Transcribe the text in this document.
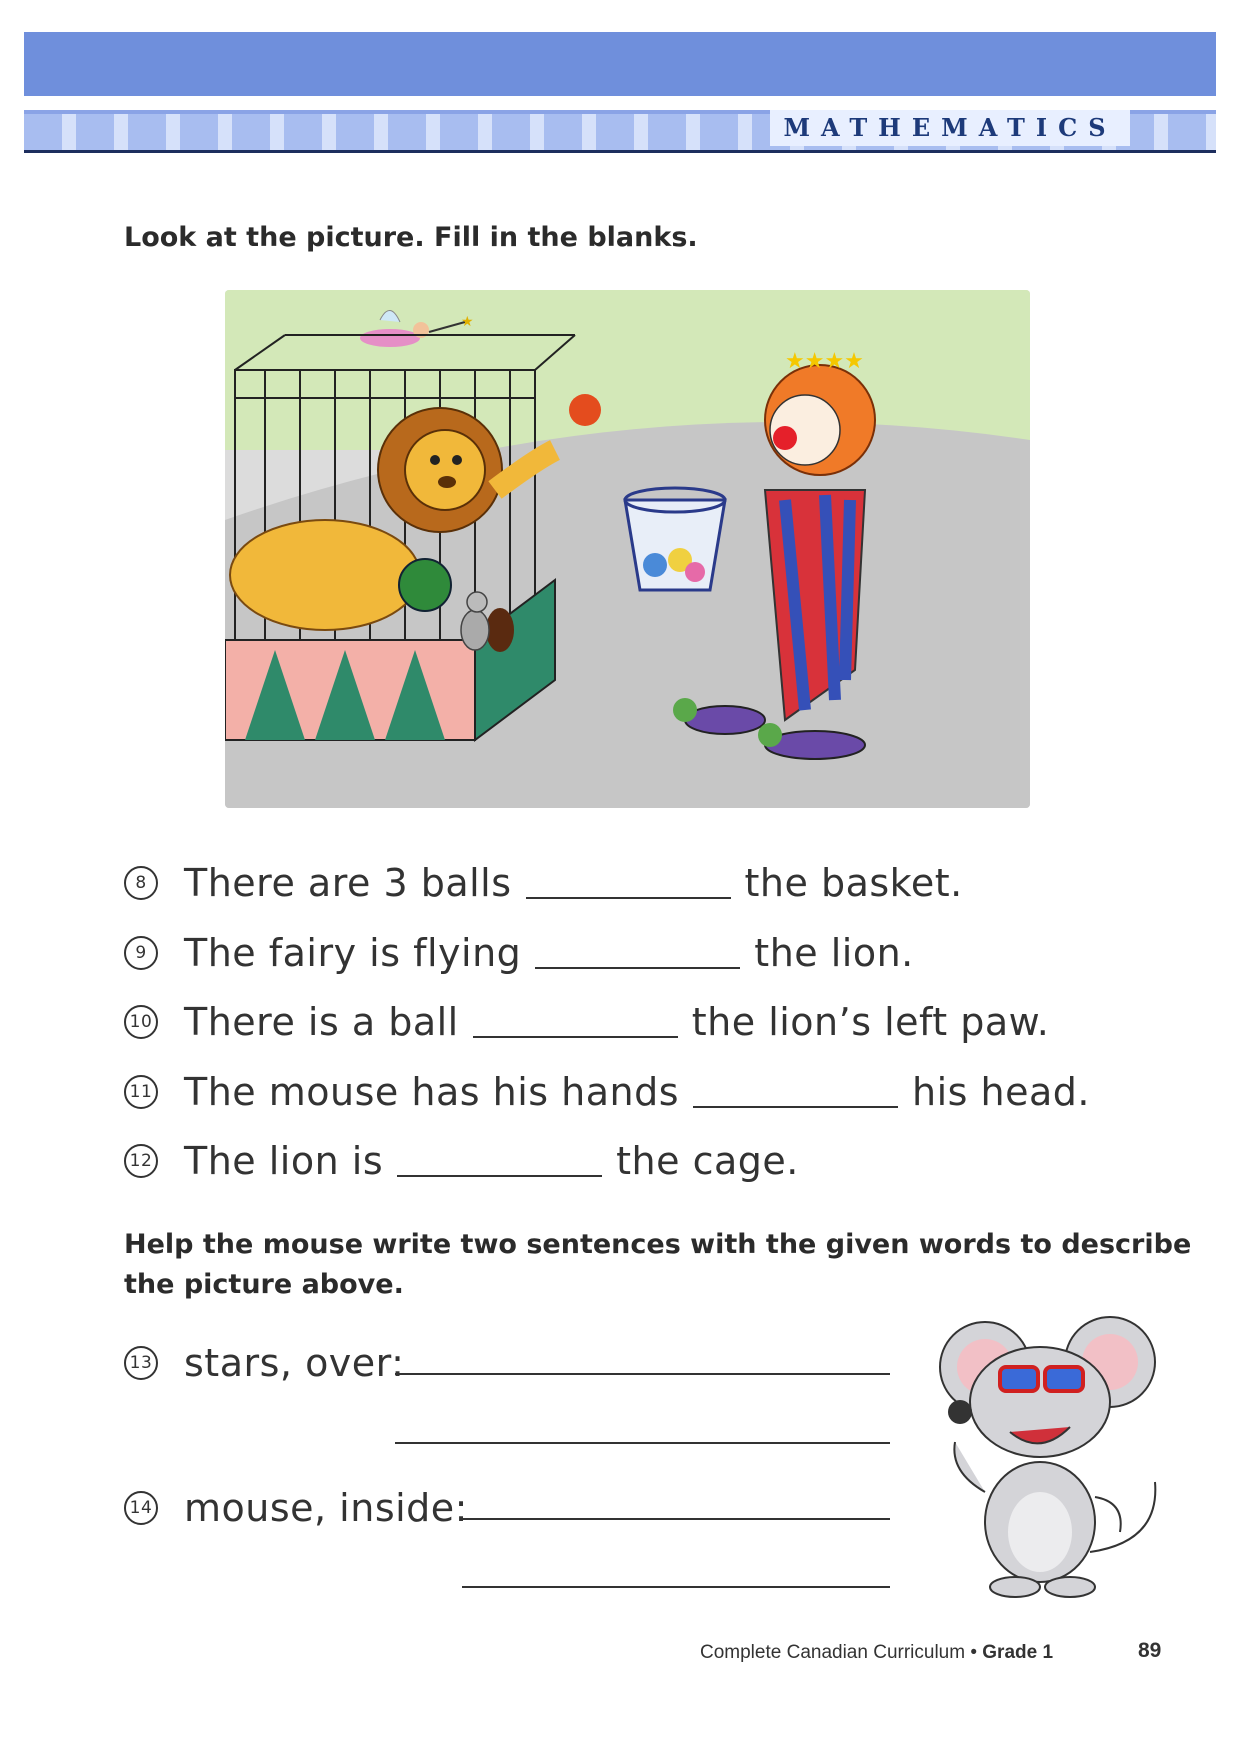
MATHEMATICS
Look at the picture. Fill in the blanks.
★
★★★★
8 There are 3 balls	the basket.
9 The fairy is flying	the lion.
10 There is a ball	the lion’s left paw.
11 The mouse has his hands	his head.
12 The lion is	the cage.
Help the mouse write two sentences with the given words to describe
the picture above.
13 stars, over:
14 mouse, inside:
Complete Canadian Curriculum • Grade 1	89
